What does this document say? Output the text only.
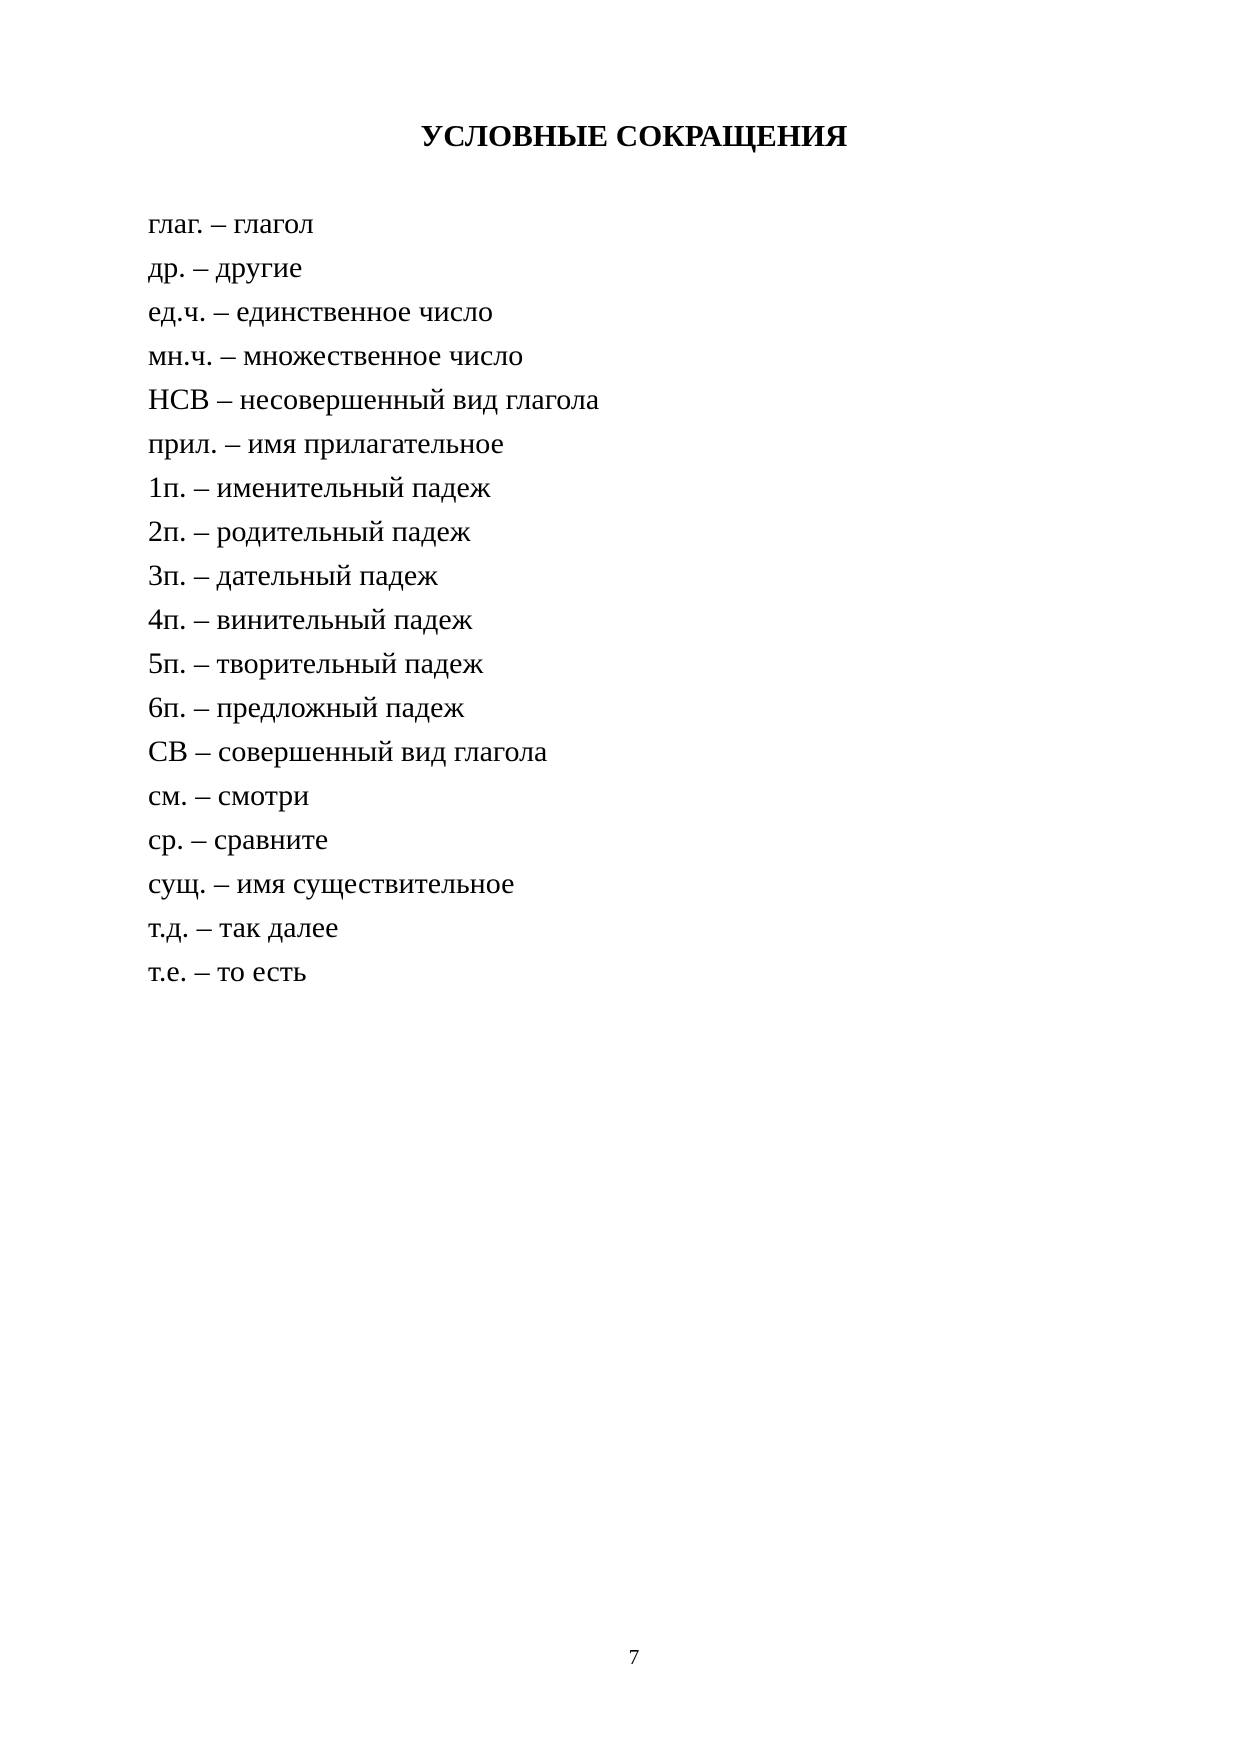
УСЛОВНЫЕ СОКРАЩЕНИЯ
глаг. – глагол
др. – другие
ед.ч. – единственное число
мн.ч. – множественное число
НСВ – несовершенный вид глагола
прил. – имя прилагательное
1п. – именительный падеж
2п. – родительный падеж
3п. – дательный падеж
4п. – винительный падеж
5п. – творительный падеж
6п. – предложный падеж
СВ – совершенный вид глагола
см. – смотри
ср. – сравните
сущ. – имя существительное
т.д. – так далее
т.е. – то есть
7
